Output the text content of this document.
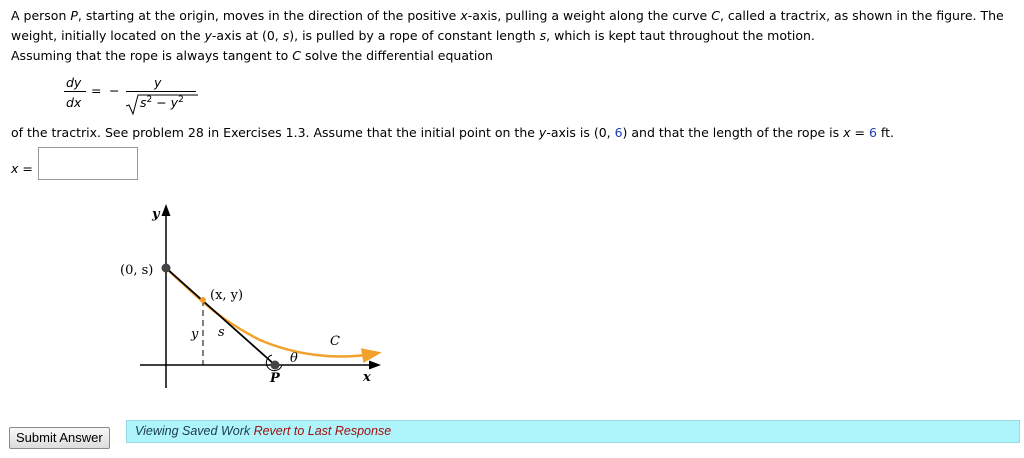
A person P, starting at the origin, moves in the direction of the positive x-axis, pulling a weight along the curve C, called a tractrix, as shown in the figure. The weight, initially located on the y-axis at (0, s), is pulled by a rope of constant length s, which is kept taut throughout the motion.

Assuming that the rope is always tangent to C solve the differential equation

dy
dx
= −
y
$s^2 - y^2$
of the tractrix. See problem 28 in Exercises 1.3. Assume that the initial point on the y-axis is (0, 6) and that the length of the rope is x = 6 ft.
x =
y
x
(0, s)
(x, y)
y s
C
θ
P
Submit Answer	Viewing Saved Work Revert to Last Response
